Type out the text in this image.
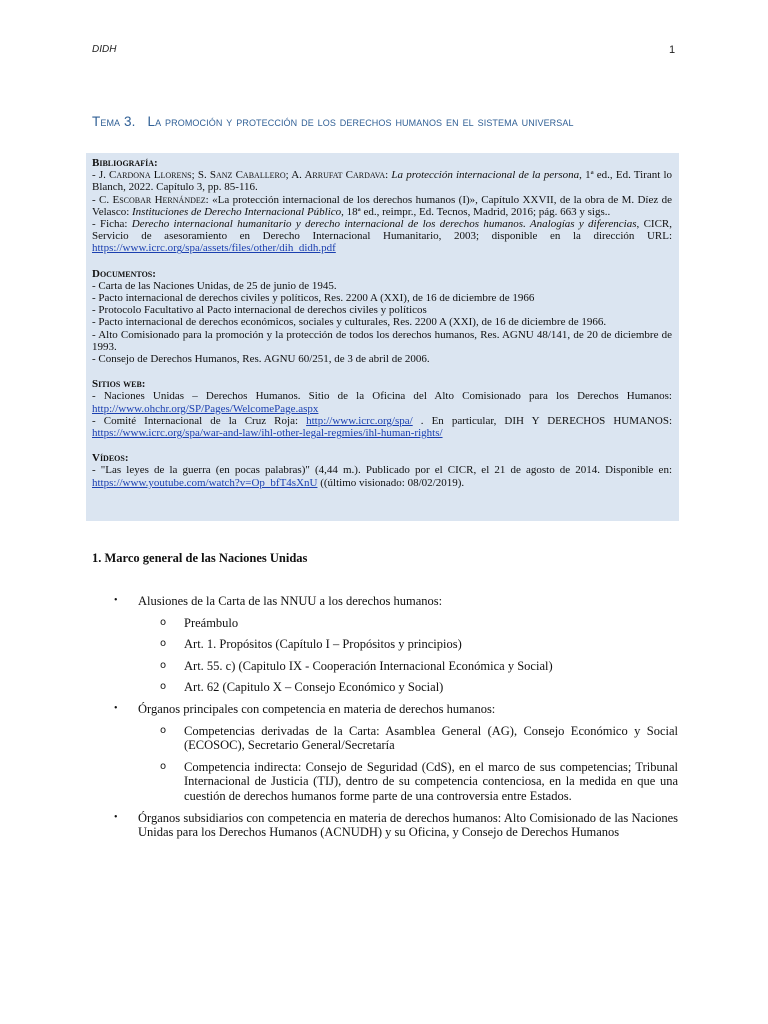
DIDH	1
Tema 3. La promoción y protección de los derechos humanos en el sistema universal
Bibliografía:
- J. Cardona Llorens; S. Sanz Caballero; A. Arrufat Cardava: La protección internacional de la persona, 1ª ed., Ed. Tirant lo Blanch, 2022. Capítulo 3, pp. 85-116.
- C. Escobar Hernández: «La protección internacional de los derechos humanos (I)», Capítulo XXVII, de la obra de M. Díez de Velasco: Instituciones de Derecho Internacional Público, 18ª ed., reimpr., Ed. Tecnos, Madrid, 2016; pág. 663 y sigs..
- Ficha: Derecho internacional humanitario y derecho internacional de los derechos humanos. Analogías y diferencias, CICR, Servicio de asesoramiento en Derecho Internacional Humanitario, 2003; disponible en la dirección URL: https://www.icrc.org/spa/assets/files/other/dih_didh.pdf
Documentos:
- Carta de las Naciones Unidas, de 25 de junio de 1945.
- Pacto internacional de derechos civiles y políticos, Res. 2200 A (XXI), de 16 de diciembre de 1966
- Protocolo Facultativo al Pacto internacional de derechos civiles y políticos
- Pacto internacional de derechos económicos, sociales y culturales, Res. 2200 A (XXI), de 16 de diciembre de 1966.
- Alto Comisionado para la promoción y la protección de todos los derechos humanos, Res. AGNU 48/141, de 20 de diciembre de 1993.
- Consejo de Derechos Humanos, Res. AGNU 60/251, de 3 de abril de 2006.
Sitios web:
- Naciones Unidas – Derechos Humanos. Sitio de la Oficina del Alto Comisionado para los Derechos Humanos: http://www.ohchr.org/SP/Pages/WelcomePage.aspx
- Comité Internacional de la Cruz Roja: http://www.icrc.org/spa/ . En particular, DIH Y DERECHOS HUMANOS: https://www.icrc.org/spa/war-and-law/ihl-other-legal-regmies/ihl-human-rights/
Vídeos:
- "Las leyes de la guerra (en pocas palabras)" (4,44 m.). Publicado por el CICR, el 21 de agosto de 2014. Disponible en: https://www.youtube.com/watch?v=Op_bfT4sXnU ((último visionado: 08/02/2019).
1. Marco general de las Naciones Unidas
• Alusiones de la Carta de las NNUU a los derechos humanos:
o Preámbulo
o Art. 1. Propósitos (Capítulo I – Propósitos y principios)
o Art. 55. c) (Capitulo IX - Cooperación Internacional Económica y Social)
o Art. 62 (Capitulo X – Consejo Económico y Social)
• Órganos principales con competencia en materia de derechos humanos:
o Competencias derivadas de la Carta: Asamblea General (AG), Consejo Económico y Social (ECOSOC), Secretario General/Secretaría
o Competencia indirecta: Consejo de Seguridad (CdS), en el marco de sus competencias; Tribunal Internacional de Justicia (TIJ), dentro de su competencia contenciosa, en la medida en que una cuestión de derechos humanos forme parte de una controversia entre Estados.
• Órganos subsidiarios con competencia en materia de derechos humanos: Alto Comisionado de las Naciones Unidas para los Derechos Humanos (ACNUDH) y su Oficina, y Consejo de Derechos Humanos
